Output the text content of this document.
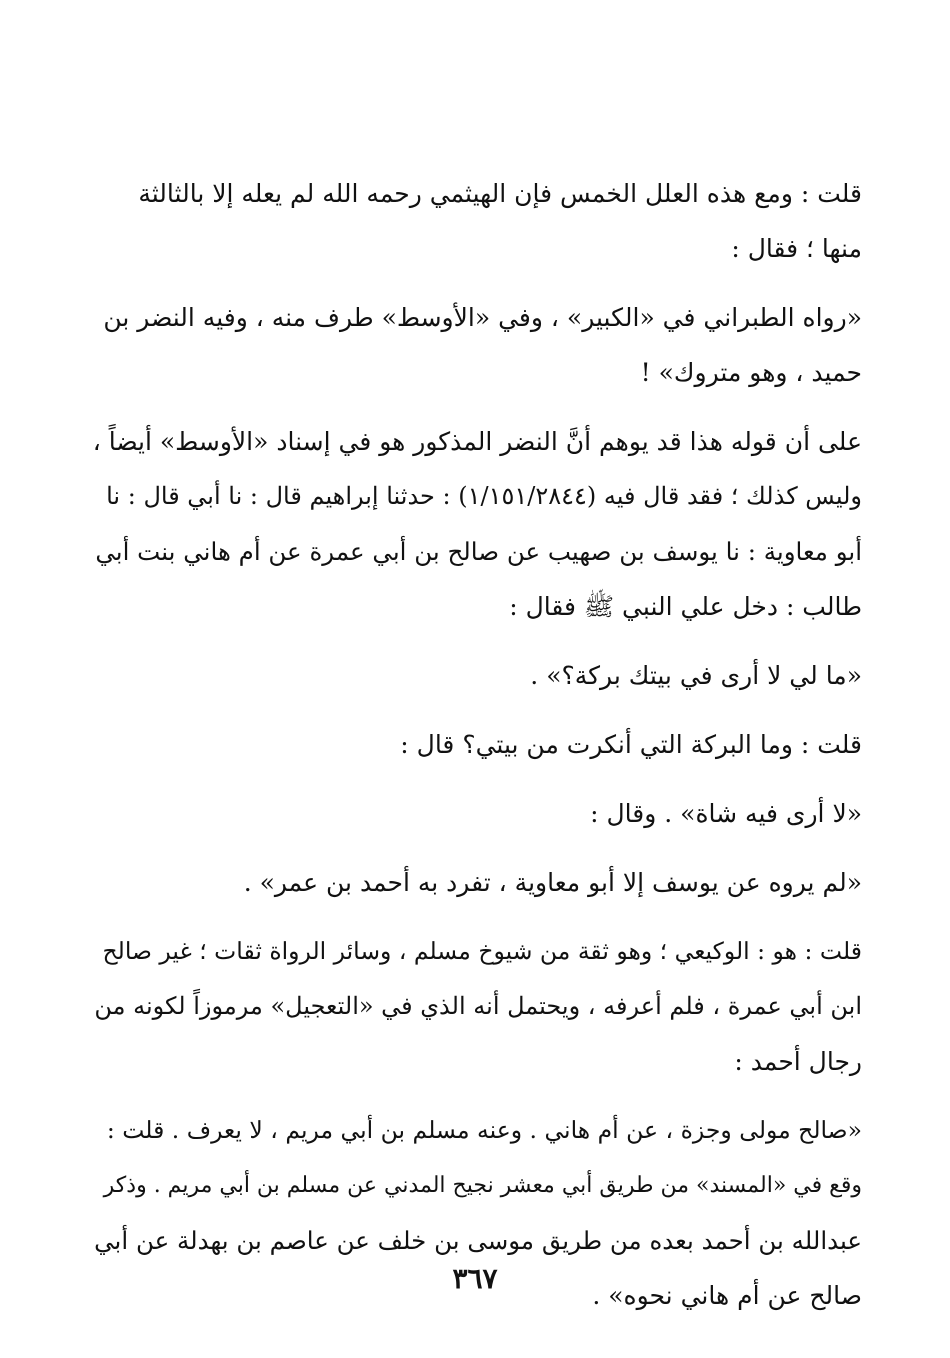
قلت : ومع هذه العلل الخمس فإن الهيثمي رحمه الله لم يعله إلا بالثالثة
منها ؛ فقال :

«رواه الطبراني في «الكبير» ، وفي «الأوسط» طرف منه ، وفيه النضر بن
حميد ، وهو متروك» !

على أن قوله هذا قد يوهم أنَّ النضر المذكور هو في إسناد «الأوسط» أيضاً ،
وليس كذلك ؛ فقد قال فيه (١/١٥١/٢٨٤٤) : حدثنا إبراهيم قال : نا أبي قال : نا
أبو معاوية : نا يوسف بن صهيب عن صالح بن أبي عمرة عن أم هاني بنت أبي
طالب : دخل علي النبي ﷺ فقال :

«ما لي لا أرى في بيتك بركة؟» .

قلت : وما البركة التي أنكرت من بيتي؟ قال :

«لا أرى فيه شاة» . وقال :

«لم يروه عن يوسف إلا أبو معاوية ، تفرد به أحمد بن عمر» .

قلت : هو : الوكيعي ؛ وهو ثقة من شيوخ مسلم ، وسائر الرواة ثقات ؛ غير صالح
ابن أبي عمرة ، فلم أعرفه ، ويحتمل أنه الذي في «التعجيل» مرموزاً لكونه من
رجال أحمد :

«صالح مولى وجزة ، عن أم هاني . وعنه مسلم بن أبي مريم ، لا يعرف . قلت :
وقع في «المسند» من طريق أبي معشر نجيح المدني عن مسلم بن أبي مريم . وذكر
عبدالله بن أحمد بعده من طريق موسى بن خلف عن عاصم بن بهدلة عن أبي
صالح عن أم هاني نحوه» .

٣٦٧
